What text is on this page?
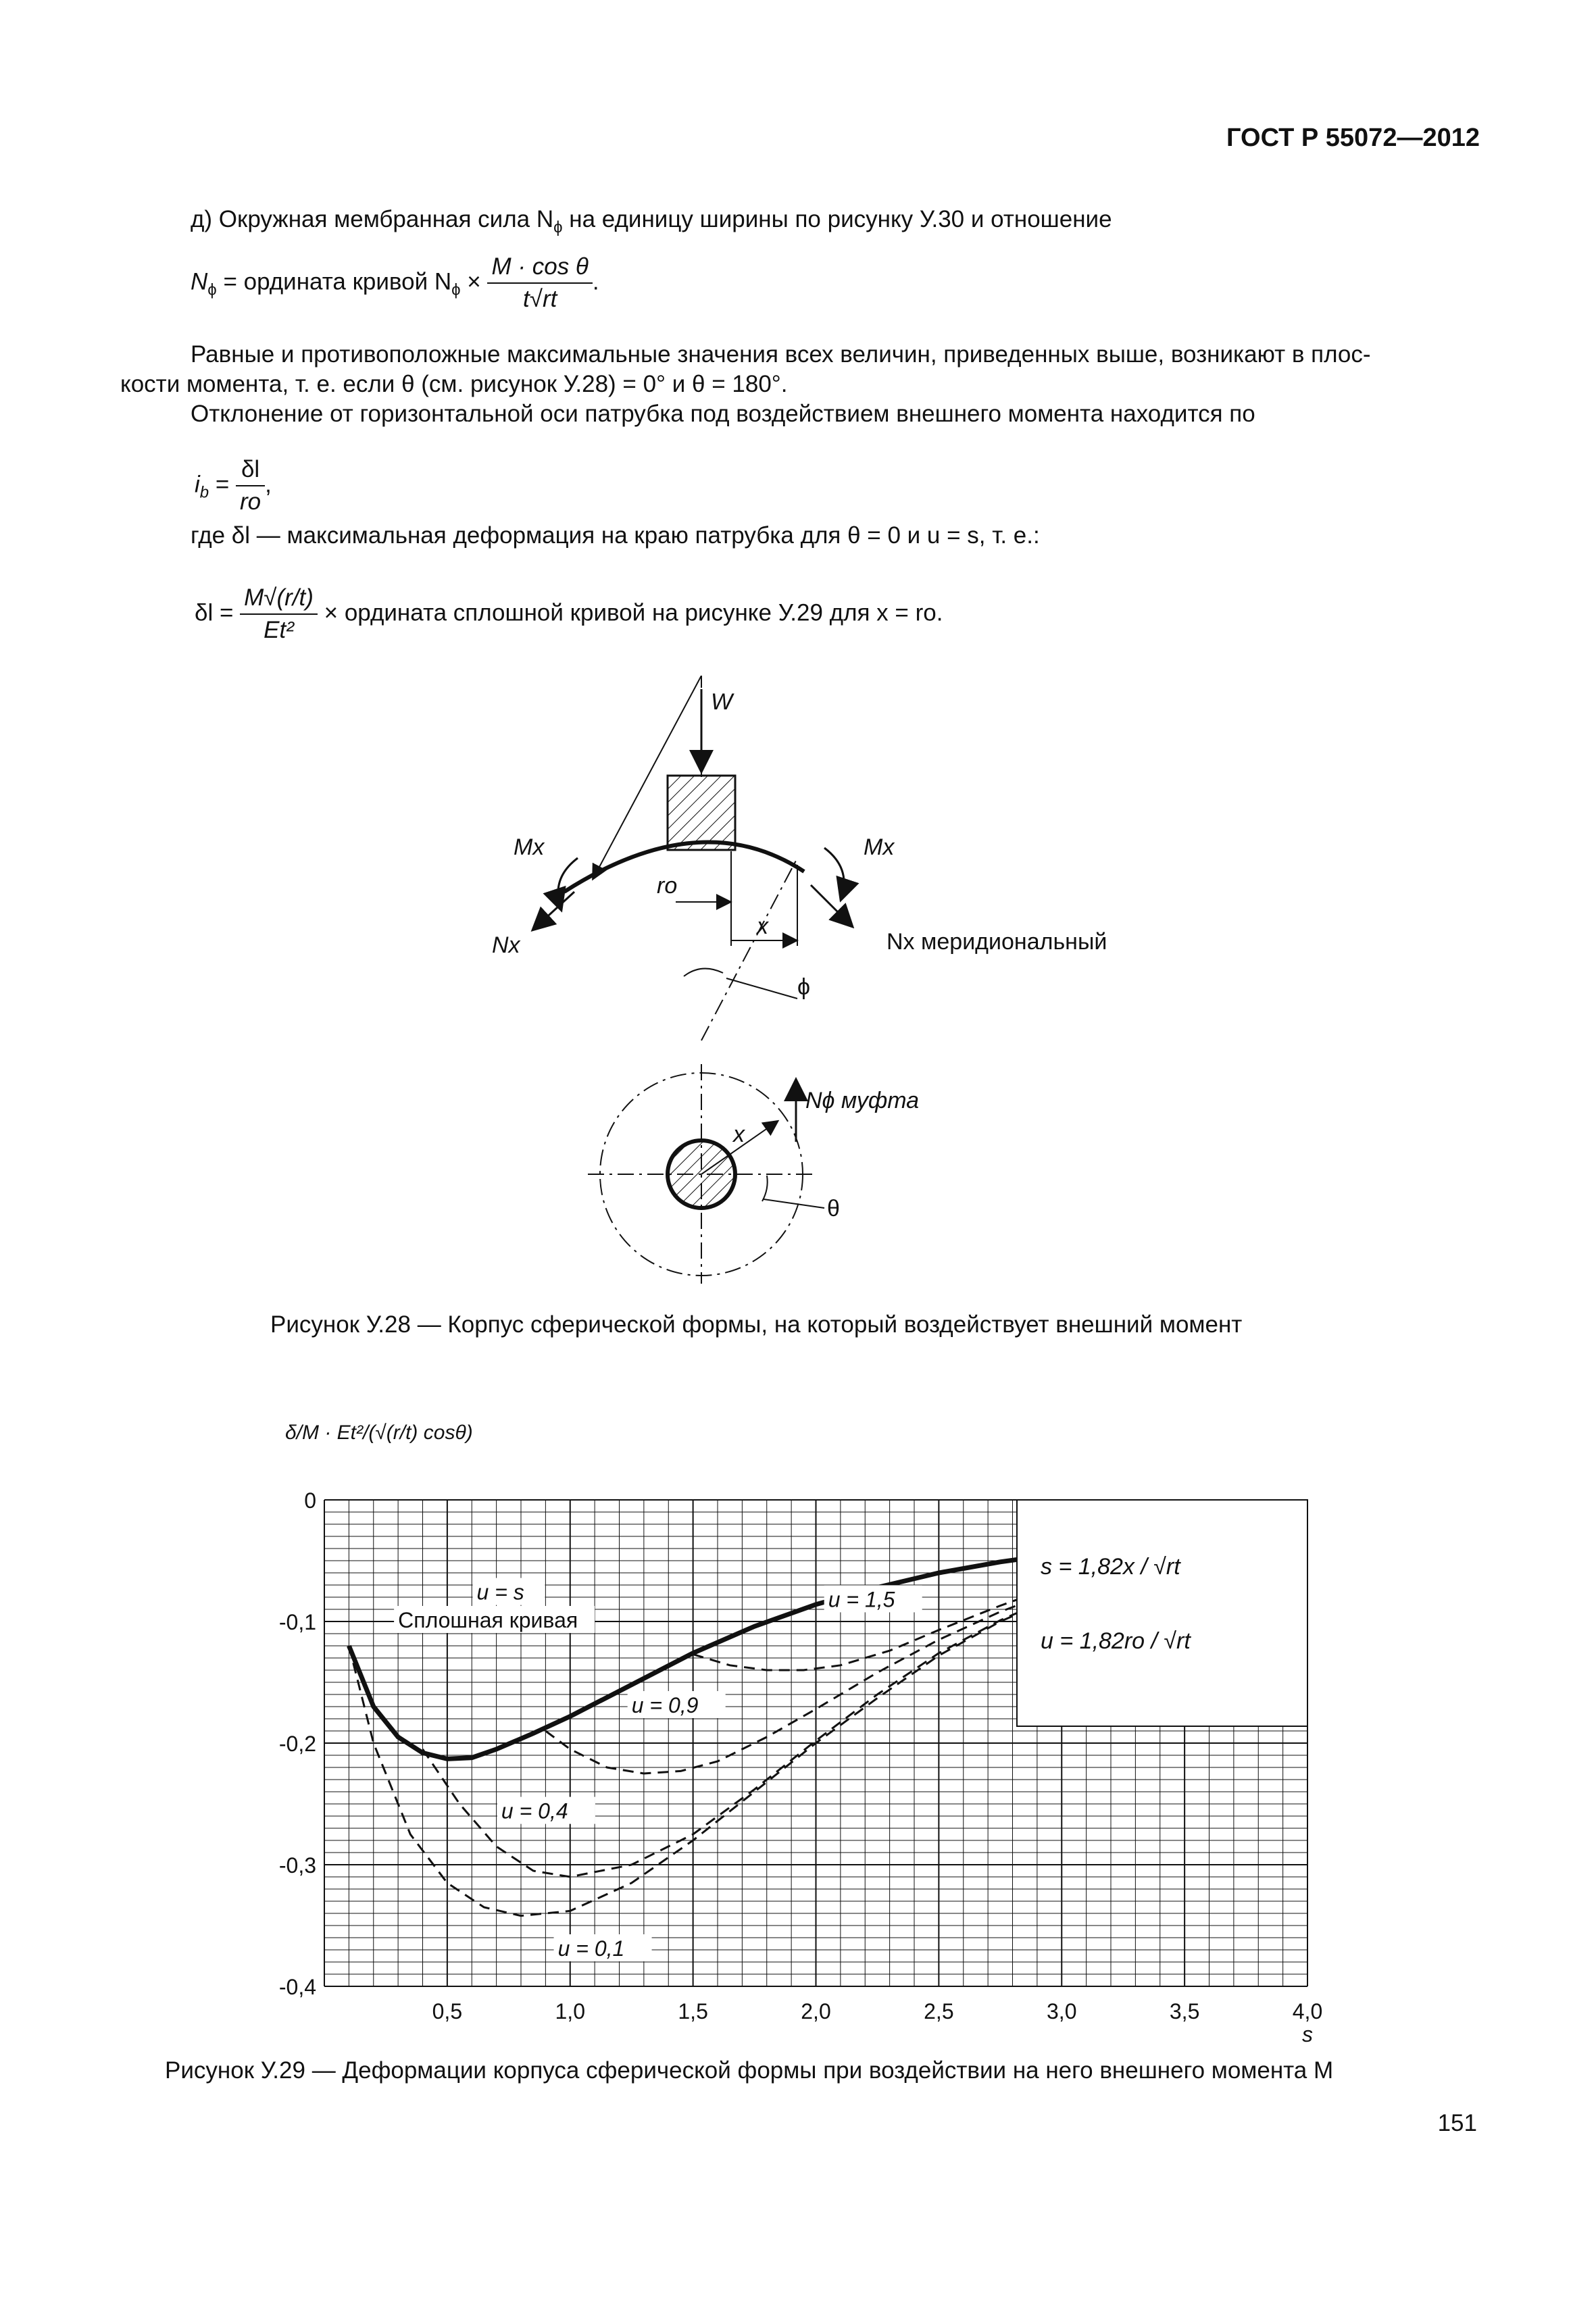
ГОСТ Р 55072—2012
д) Окружная мембранная сила $N_\phi$ на единицу ширины по рисунку У.30 и отношение
$N_\phi$ = ордината кривой $N_\phi \times \frac{\text{M · cos θ}}{t√rt}$ .
Равные и противоположные максимальные значения всех величин, приведенных выше, возникают в плос-
кости момента, т. е. если θ (см. рисунок У.28) = 0° и θ = 180°.
Отклонение от горизонтальной оси патрубка под воздействием внешнего момента находится по
$i_b = \frac{\delta l}{ro}$ ,
где δl — максимальная деформация на краю патрубка для θ = 0 и u = s, т. е.:
$\delta l = \frac{M√(r/t)}{\text{Et²}}$ × ордината сплошной кривой на рисунке У.29 для x = ro.
W
Mx	Mx
Nx	Nx меридиональный
ro
x
ϕ
Nϕ муфта
x
θ
Рисунок У.28 — Корпус сферической формы, на который воздействует внешний момент
δ/M · Et²/(√(r/t) cosθ)
0,5	1,0	1,5	2,0	2,5	3,0	3,5	4,0
s
-0,4
-0,3
-0,2
-0,1
0
u = 0,1
u = 0,4
u = 0,9
u = 1,5
Сплошная кривая
u = s
s = 1,82x / √rt
u = 1,82ro / √rt
Рисунок У.29 — Деформации корпуса сферической формы при воздействии на него внешнего момента M
151
